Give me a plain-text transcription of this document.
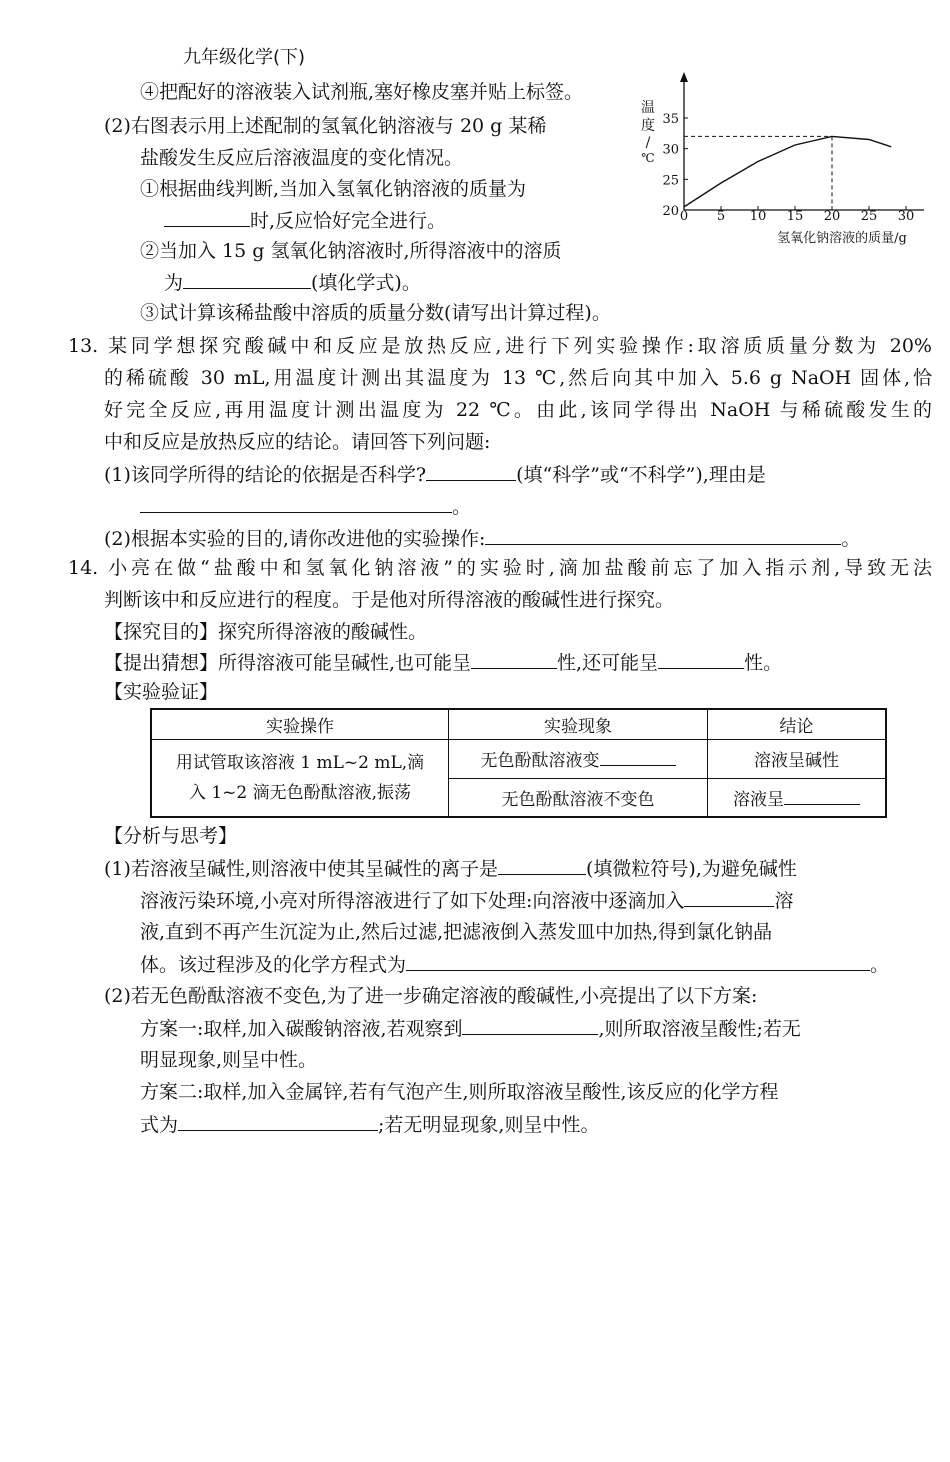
九年级化学(下)
④把配好的溶液装入试剂瓶,塞好橡皮塞并贴上标签。
(2)右图表示用上述配制的氢氧化钠溶液与 20 g 某稀
盐酸发生反应后溶液温度的变化情况。
①根据曲线判断,当加入氢氧化钠溶液的质量为
时,反应恰好完全进行。
②当加入 15 g 氢氧化钠溶液时,所得溶液中的溶质
为	(填化学式)。
③试计算该稀盐酸中溶质的质量分数(请写出计算过程)。
温
度
/
℃
0 5 10 15 20 25 30
20
25
30
35
氢氧化钠溶液的质量/g
13. 某同学想探究酸碱中和反应是放热反应,进行下列实验操作:取溶质质量分数为 20%
的稀硫酸 30 mL,用温度计测出其温度为 13 ℃,然后向其中加入 5.6 g NaOH 固体,恰
好完全反应,再用温度计测出温度为 22 ℃。由此,该同学得出 NaOH 与稀硫酸发生的
中和反应是放热反应的结论。请回答下列问题:
(1)该同学所得的结论的依据是否科学?	(填“科学”或“不科学”),理由是
。
(2)根据本实验的目的,请你改进他的实验操作:	。
14. 小亮在做“盐酸中和氢氧化钠溶液”的实验时,滴加盐酸前忘了加入指示剂,导致无法
判断该中和反应进行的程度。于是他对所得溶液的酸碱性进行探究。
【探究目的】探究所得溶液的酸碱性。
【提出猜想】所得溶液可能呈碱性,也可能呈	性,还可能呈	性。
【实验验证】
实验操作	实验现象	结论

用试管取该溶液 1 mL~2 mL,滴
入 1~2 滴无色酚酞溶液,振荡	无色酚酞溶液变	溶液呈碱性
	无色酚酞溶液不变色	溶液呈
【分析与思考】
(1)若溶液呈碱性,则溶液中使其呈碱性的离子是	(填微粒符号),为避免碱性
溶液污染环境,小亮对所得溶液进行了如下处理:向溶液中逐滴加入	溶
液,直到不再产生沉淀为止,然后过滤,把滤液倒入蒸发皿中加热,得到氯化钠晶
体。该过程涉及的化学方程式为	。
(2)若无色酚酞溶液不变色,为了进一步确定溶液的酸碱性,小亮提出了以下方案:
方案一:取样,加入碳酸钠溶液,若观察到	,则所取溶液呈酸性;若无
明显现象,则呈中性。
方案二:取样,加入金属锌,若有气泡产生,则所取溶液呈酸性,该反应的化学方程
式为	;若无明显现象,则呈中性。
